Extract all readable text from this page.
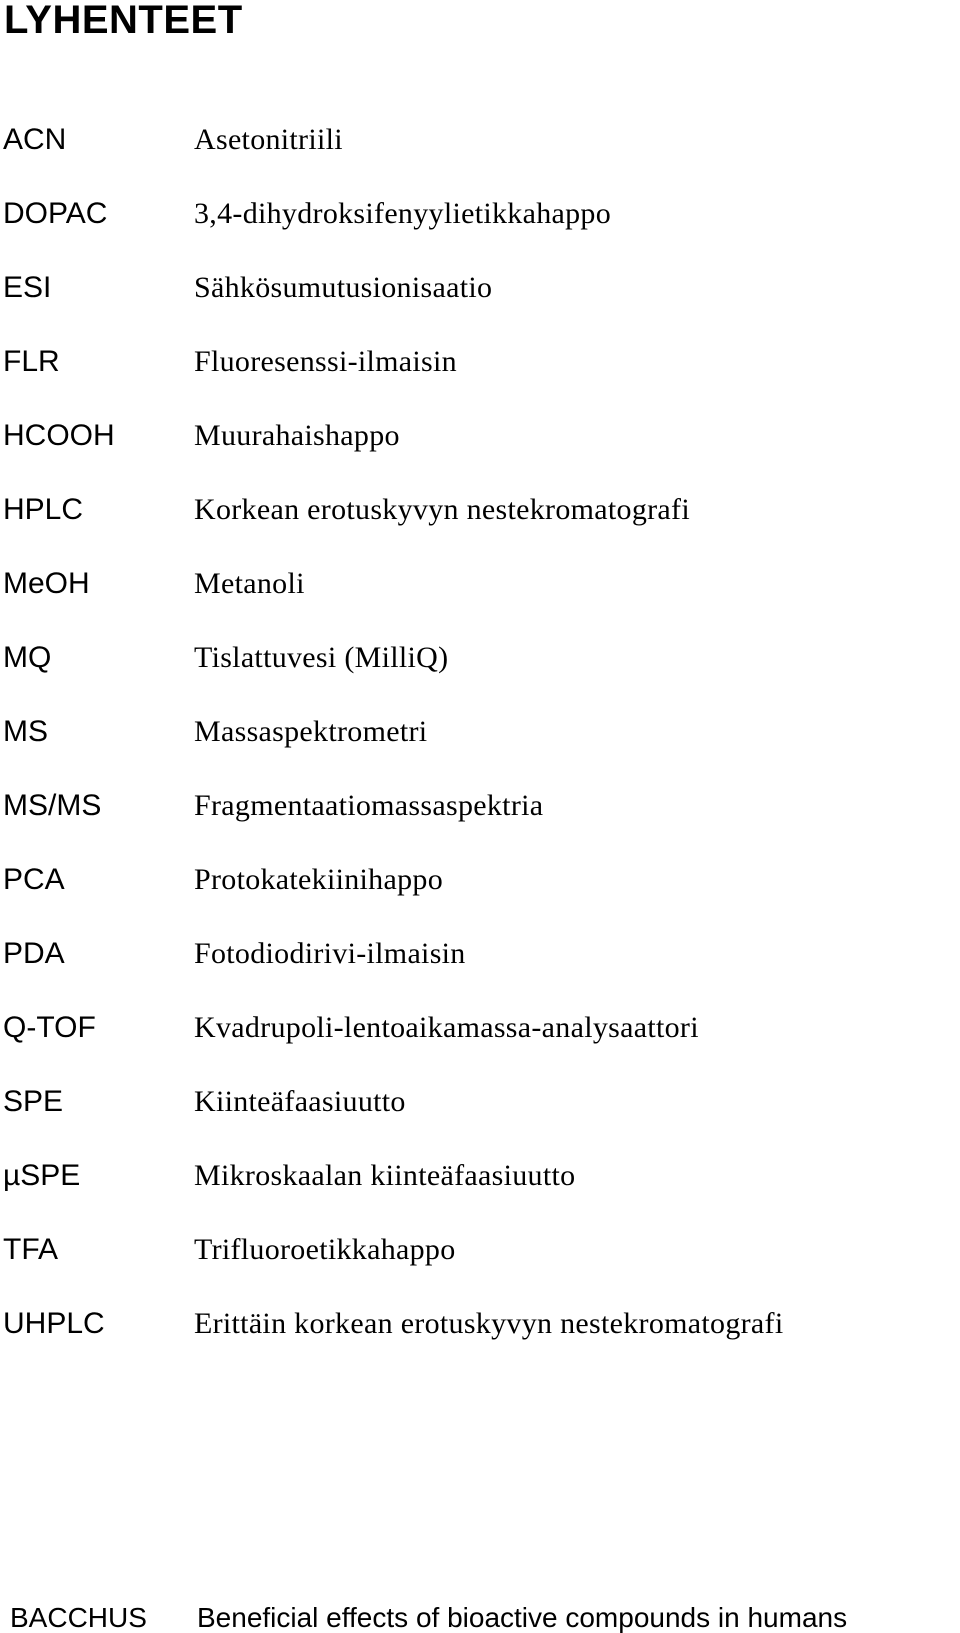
LYHENTEET
ACN	Asetonitriili
DOPAC	3,4-dihydroksifenyylietikkahappo
ESI	Sähkösumutusionisaatio
FLR	Fluoresenssi-ilmaisin
HCOOH	Muurahaishappo
HPLC	Korkean erotuskyvyn nestekromatografi
MeOH	Metanoli
MQ	Tislattuvesi (MilliQ)
MS	Massaspektrometri
MS/MS	Fragmentaatiomassaspektria
PCA	Protokatekiinihappo
PDA	Fotodiodirivi-ilmaisin
Q-TOF	Kvadrupoli-lentoaikamassa-analysaattori
SPE	Kiinteäfaasiuutto
µSPE	Mikroskaalan kiinteäfaasiuutto
TFA	Trifluoroetikkahappo
UHPLC	Erittäin korkean erotuskyvyn nestekromatografi
BACCHUS Beneficial effects of bioactive compounds in humans
